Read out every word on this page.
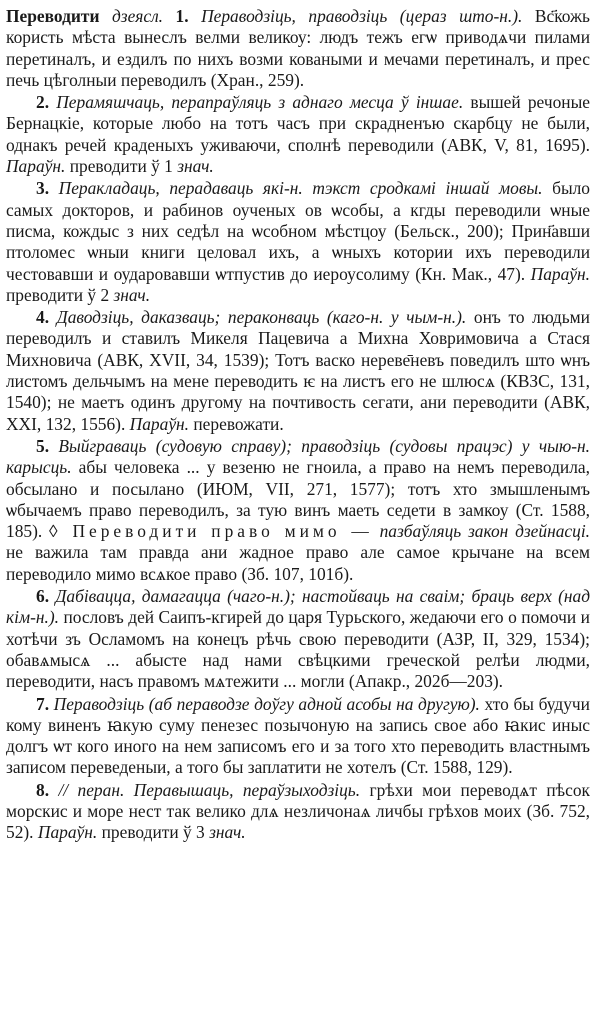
Переводити дзеясл. 1. Пераводзіць, праводзіць (цераз што-н.). Вс҃кожь користь мѣста вынеслъ велми великоу: людъ тежъ егѡ приводѧчи пилами перетиналъ, и ездилъ по нихъ возми коваными и мечами перетиналъ, и прес печь цѣголныи переводилъ (Хран., 259).

2. Перамяшчаць, перапраўляць з аднаго месца ў іншае. вышей речоные Бернацкіе, которые любо на тотъ часъ при скрадненъю скарбцу не были, однакъ речей краденыхъ уживаючи, сполнѣ переводили (АВК, V, 81, 1695). Параўн. преводити ў 1 знач.

3. Перакладаць, перадаваць які-н. тэкст сродкамі іншай мовы. было самых докторов, и рабинов оученых ов ѡсобы, а кгды переводили ѡныe писма, кождыс з них седѣл на ѡсобном мѣстцоу (Бельск., 200); Прин҃авши птоломес ѡныи книги целовал ихъ, а ѡныхъ котории ихъ переводили честовавши и оударовавши ѡтпустив до иероусолиму (Кн. Мак., 47). Параўн. преводити ў 2 знач.

4. Даводзіць, даказваць; пераконваць (каго-н. у чым-н.). онъ то людьми переводилъ и ставилъ Микеля Пацевича а Михна Ховримовича а Стася Михновича (АВК, XVII, 34, 1539); Тотъ васко нереве̄невъ поведилъ што ѡнъ листомъ дельчымъ на мене переводить ѥ на листъ его не шлюсѧ (КВЗС, 131, 1540); не маетъ одинъ другому на почтивость сегати, ани переводити (АВК, XXI, 132, 1556). Параўн. перевожати.

5. Выйграваць (судовую справу); праводзіць (судовы працэс) у чыю-н. карысць. абы человека ... у везеню не гноила, а право на немъ переводила, обсылано и посылано (ИЮМ, VII, 271, 1577); тотъ хто змышленымъ ѡбычаемъ право переводилъ, за тую винъ маеть седети в замкоу (Ст. 1588, 185). ◊ Переводити право мимо — пазбаўляць закон дзейнасці. не важила там правда ани жадное право але самое крычане на всем переводило мимо всѧкое право (Зб. 107, 101б).

6. Дабівацца, дамагацца (чаго-н.); настойваць на сваім; браць верх (над кім-н.). пословъ дей Саипъ-кгирей до царя Турьского, жедаючи его о помочи и хотѣчи зъ Осламомъ на конецъ рѣчь свою переводити (АЗР, II, 329, 1534); обавѧмысѧ ... абысте над нами свѣцкими греческой релѣи людми, переводити, насъ правомъ мѧтежити ... могли (Апакр., 202б—203).

7. Пераводзіць (аб пераводзе доўгу адной асобы на другую). хто бы будучи кому виненъ ꙗкую суму пенезес позычоную на запись свое або ꙗкис иныс долгъ ѡт кого иного на нем записомъ его и за того хто переводить властнымъ записом переведеныи, а того бы заплатити не хотелъ (Ст. 1588, 129).

8. // перан. Перавышаць, пераўзыходзіць. грѣхи мои переводѧт пѣсок морскис и море нест так велико длѧ незличонаѧ личбы грѣхов моих (Зб. 752, 52). Параўн. преводити ў 3 знач.
